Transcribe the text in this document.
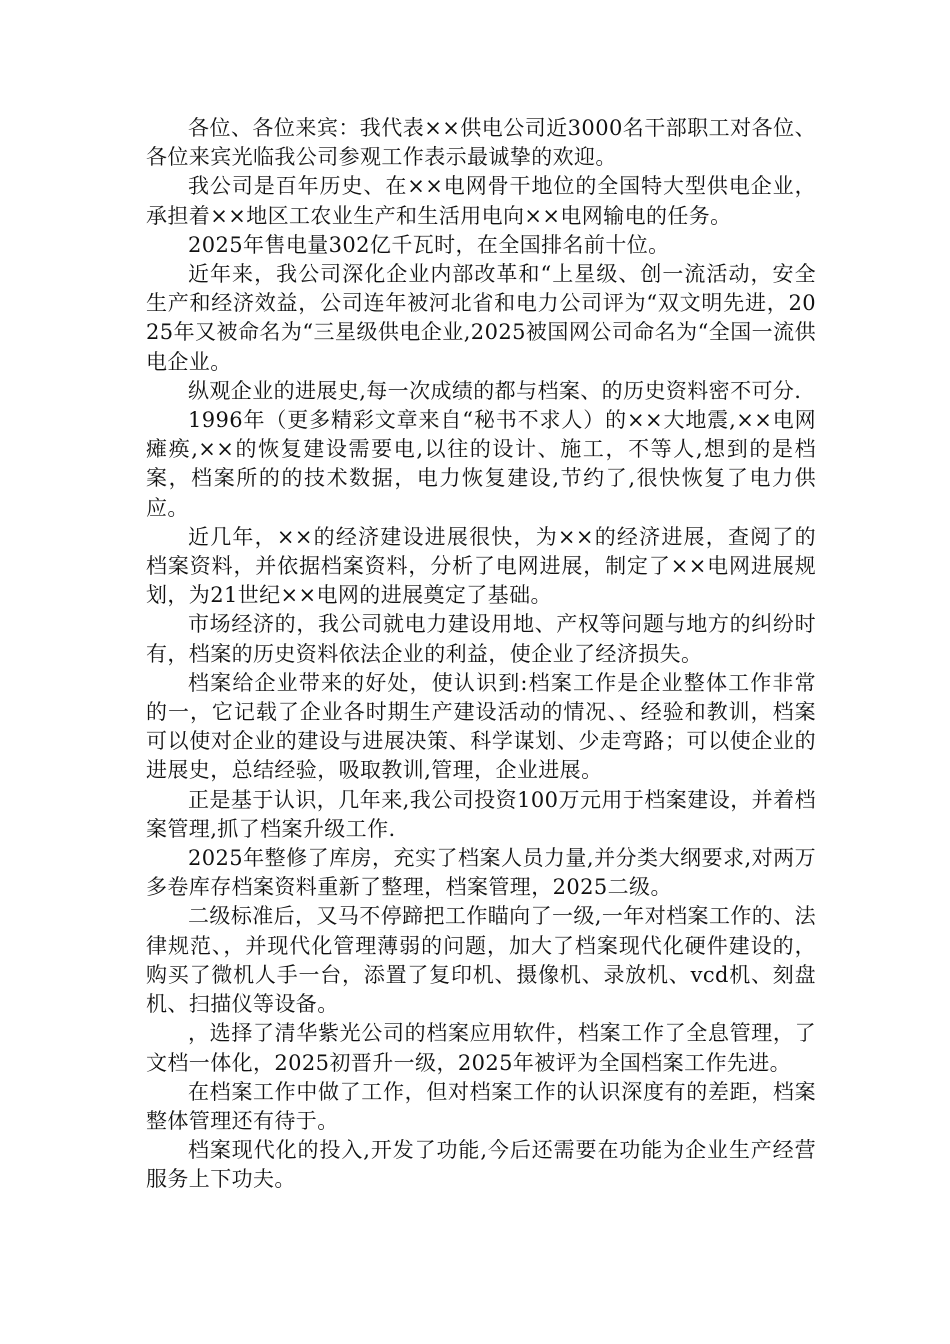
各位、各位来宾：我代表××供电公司近3000名干部职工对各位、各位来宾光临我公司参观工作表示最诚挚的欢迎。

我公司是百年历史、在××电网骨干地位的全国特大型供电企业，承担着××地区工农业生产和生活用电向××电网输电的任务。

2025年售电量302亿千瓦时，在全国排名前十位。

近年来，我公司深化企业内部改革和“上星级、创一流活动，安全生产和经济效益，公司连年被河北省和电力公司评为“双文明先进，2025年又被命名为“三星级供电企业,2025被国网公司命名为“全国一流供电企业。

纵观企业的进展史,每一次成绩的都与档案、的历史资料密不可分.

1996年（更多精彩文章来自“秘书不求人）的××大地震,××电网瘫痪,××的恢复建设需要电,以往的设计、施工，不等人,想到的是档案，档案所的的技术数据，电力恢复建设,节约了,很快恢复了电力供应。

近几年，××的经济建设进展很快，为××的经济进展，查阅了的档案资料，并依据档案资料，分析了电网进展，制定了××电网进展规划，为21世纪××电网的进展奠定了基础。

市场经济的，我公司就电力建设用地、产权等问题与地方的纠纷时有，档案的历史资料依法企业的利益，使企业了经济损失。

档案给企业带来的好处，使认识到:档案工作是企业整体工作非常的一，它记载了企业各时期生产建设活动的情况、、经验和教训，档案可以使对企业的建设与进展决策、科学谋划、少走弯路；可以使企业的进展史，总结经验，吸取教训,管理，企业进展。

正是基于认识，几年来,我公司投资100万元用于档案建设，并着档案管理,抓了档案升级工作.

2025年整修了库房，充实了档案人员力量,并分类大纲要求,对两万多卷库存档案资料重新了整理，档案管理，2025二级。

二级标准后，又马不停蹄把工作瞄向了一级,一年对档案工作的、法律规范、，并现代化管理薄弱的问题，加大了档案现代化硬件建设的，购买了微机人手一台，添置了复印机、摄像机、录放机、vcd机、刻盘机、扫描仪等设备。

，选择了清华紫光公司的档案应用软件，档案工作了全息管理，了文档一体化，2025初晋升一级，2025年被评为全国档案工作先进。

在档案工作中做了工作，但对档案工作的认识深度有的差距，档案整体管理还有待于。

档案现代化的投入,开发了功能,今后还需要在功能为企业生产经营服务上下功夫。
